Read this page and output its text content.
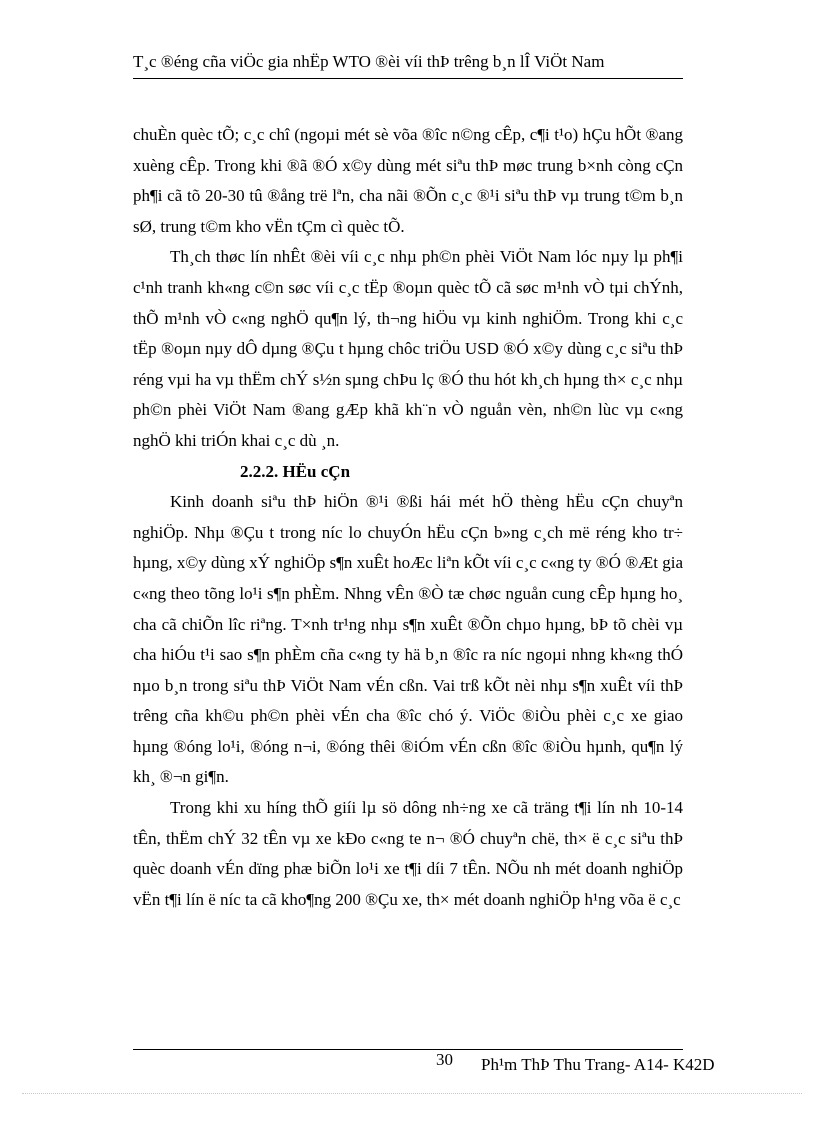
T¸c ®éng cña viÖc gia nhËp WTO ®èi víi thÞ trêng b¸n lÎ ViÖt Nam

chuÈn quèc tÕ; c¸c chî (ngoµi mét sè võa ®îc n©ng cÊp, c¶i t¹o) hÇu hÕt ®ang xuèng cÊp. Trong khi ®ã ®Ó x©y dùng mét siªu thÞ møc trung b×nh còng cÇn ph¶i cã tõ 20-30 tû ®ång trë lªn, cha nãi ®Õn c¸c ®¹i siªu thÞ vµ trung t©m b¸n sØ, trung t©m kho vËn tÇm cì quèc tÕ.

Th¸ch thøc lín nhÊt ®èi víi c¸c nhµ ph©n phèi ViÖt Nam lóc nµy lµ ph¶i c¹nh tranh kh«ng c©n søc víi c¸c tËp ®oµn quèc tÕ cã søc m¹nh vÒ tµi chÝnh, thÕ m¹nh vÒ c«ng nghÖ qu¶n lý, th¬ng hiÖu vµ kinh nghiÖm. Trong khi c¸c tËp ®oµn nµy dÔ dµng ®Çu t hµng chôc triÖu USD ®Ó x©y dùng c¸c siªu thÞ réng vµi ha vµ thËm chÝ s½n sµng chÞu lç ®Ó thu hót kh¸ch hµng th× c¸c nhµ ph©n phèi ViÖt Nam ®ang gÆp khã kh¨n vÒ nguån vèn, nh©n lùc vµ c«ng nghÖ khi triÓn khai c¸c dù ¸n.

2.2.2. HËu cÇn

Kinh doanh siªu thÞ hiÖn ®¹i ®ßi hái mét hÖ thèng hËu cÇn chuyªn nghiÖp. Nhµ ®Çu t trong níc lo chuyÓn hËu cÇn b»ng c¸ch më réng kho tr÷ hµng, x©y dùng xÝ nghiÖp s¶n xuÊt hoÆc liªn kÕt víi c¸c c«ng ty ®Ó ®Æt gia c«ng theo tõng lo¹i s¶n phÈm. Nhng vÊn ®Ò tæ chøc nguån cung cÊp hµng ho¸ cha cã chiÕn lîc riªng. T×nh tr¹ng nhµ s¶n xuÊt ®Õn chµo hµng, bÞ tõ chèi vµ cha hiÓu t¹i sao s¶n phÈm cña c«ng ty hä b¸n ®îc ra níc ngoµi nhng kh«ng thÓ nµo b¸n trong siªu thÞ ViÖt Nam vÉn cßn. Vai trß kÕt nèi nhµ s¶n xuÊt víi thÞ trêng cña kh©u ph©n phèi vÉn cha ®îc chó ý. ViÖc ®iÒu phèi c¸c xe giao hµng ®óng lo¹i, ®óng n¬i, ®óng thêi ®iÓm vÉn cßn ®îc ®iÒu hµnh, qu¶n lý kh¸ ®¬n gi¶n.

Trong khi xu híng thÕ giíi lµ sö dông nh÷ng xe cã träng t¶i lín nh 10-14 tÊn, thËm chÝ 32 tÊn vµ xe kÐo c«ng te n¬ ®Ó chuyªn chë, th× ë c¸c siªu thÞ quèc doanh vÉn dïng phæ biÕn lo¹i xe t¶i díi 7 tÊn. NÕu nh mét doanh nghiÖp vËn t¶i lín ë níc ta cã kho¶ng 200 ®Çu xe, th× mét doanh nghiÖp h¹ng võa ë c¸c

30 Ph¹m ThÞ Thu Trang- A14- K42D
